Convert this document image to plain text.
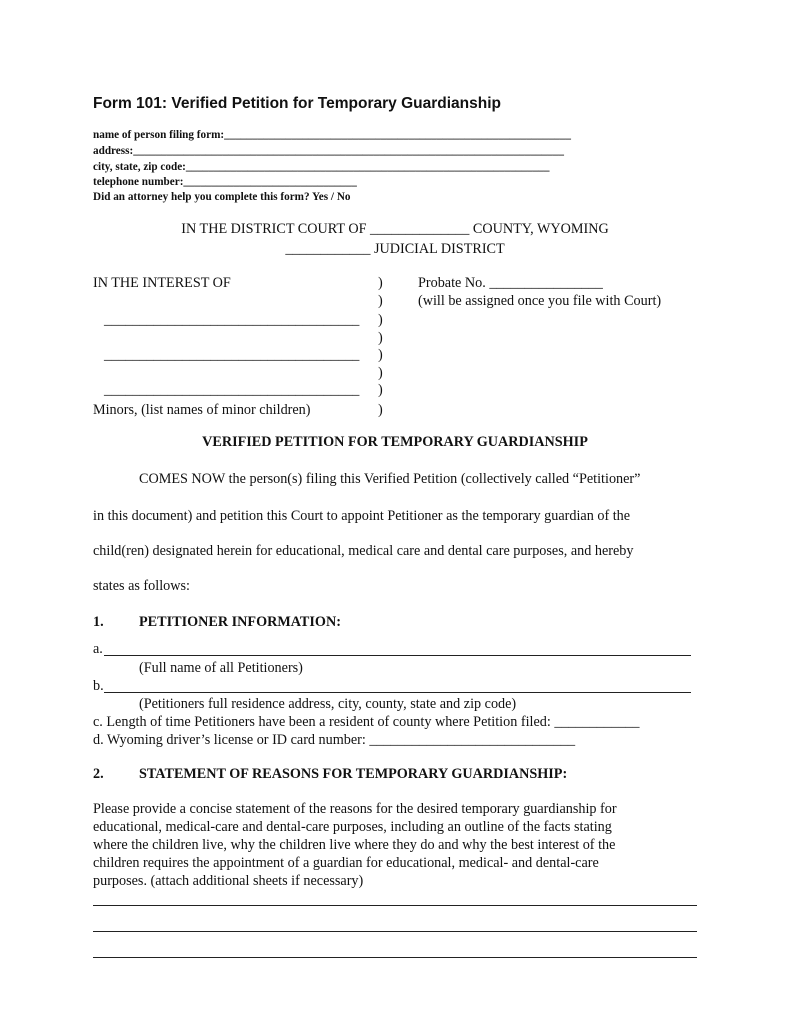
Form 101: Verified Petition for Temporary Guardianship
name of person filing form:______________________________________________________________
address:_____________________________________________________________________________
city, state, zip code:_________________________________________________________________
telephone number:_______________________________
Did an attorney help you complete this form? Yes / No
IN THE DISTRICT COURT OF ______________ COUNTY, WYOMING
____________ JUDICIAL DISTRICT
IN THE INTEREST OF
____________________________________
____________________________________
____________________________________
Minors, (list names of minor children)
)
)
)
)
)
)
)
)
Probate No. ________________
(will be assigned once you file with Court)
VERIFIED PETITION FOR TEMPORARY GUARDIANSHIP
COMES NOW the person(s) filing this Verified Petition (collectively called “Petitioner”
in this document) and petition this Court to appoint Petitioner as the temporary guardian of the
child(ren) designated herein for educational, medical care and dental care purposes, and hereby
states as follows:
1. PETITIONER INFORMATION:
a.
(Full name of all Petitioners)
b.
(Petitioners full residence address, city, county, state and zip code)
c. Length of time Petitioners have been a resident of county where Petition filed: ____________
d. Wyoming driver’s license or ID card number: _____________________________
2. STATEMENT OF REASONS FOR TEMPORARY GUARDIANSHIP:
Please provide a concise statement of the reasons for the desired temporary guardianship for
educational, medical-care and dental-care purposes, including an outline of the facts stating
where the children live, why the children live where they do and why the best interest of the
children requires the appointment of a guardian for educational, medical- and dental-care
purposes. (attach additional sheets if necessary)
